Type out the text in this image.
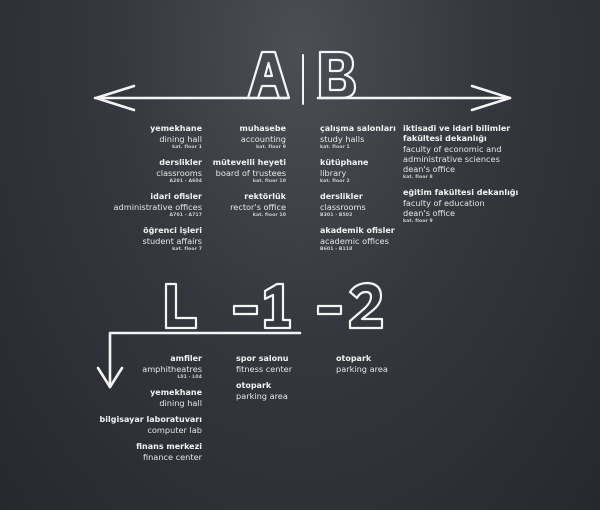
yemekhane
dining hall
kat. floor 1
derslikler
classrooms
A201 - A604
idari ofisler
administrative offices
A701 - A717
öğrenci işleri
student affairs
kat. floor 7
muhasebe
accounting
kat. floor 9
mütevelli heyeti
board of trustees
kat. floor 10
rektörlük
rector's office
kat. floor 10
çalışma salonları
study halls
kat. floor 1
kütüphane
library
kat. floor 2
derslikler
classrooms
B301 - B502
akademik ofisler
academic offices
B601 - B118
iktisadi ve idari bilimler
fakültesi dekanlığı
faculty of economic and
administrative sciences
dean's office
kat. floor 8
eğitim fakültesi dekanlığı
faculty of education
dean's office
kat. floor 9
amfiler
amphitheatres
L01 - L04
yemekhane
dining hall
bilgisayar laboratuvarı
computer lab
finans merkezi
finance center
spor salonu
fitness center
otopark
parking area
otopark
parking area
